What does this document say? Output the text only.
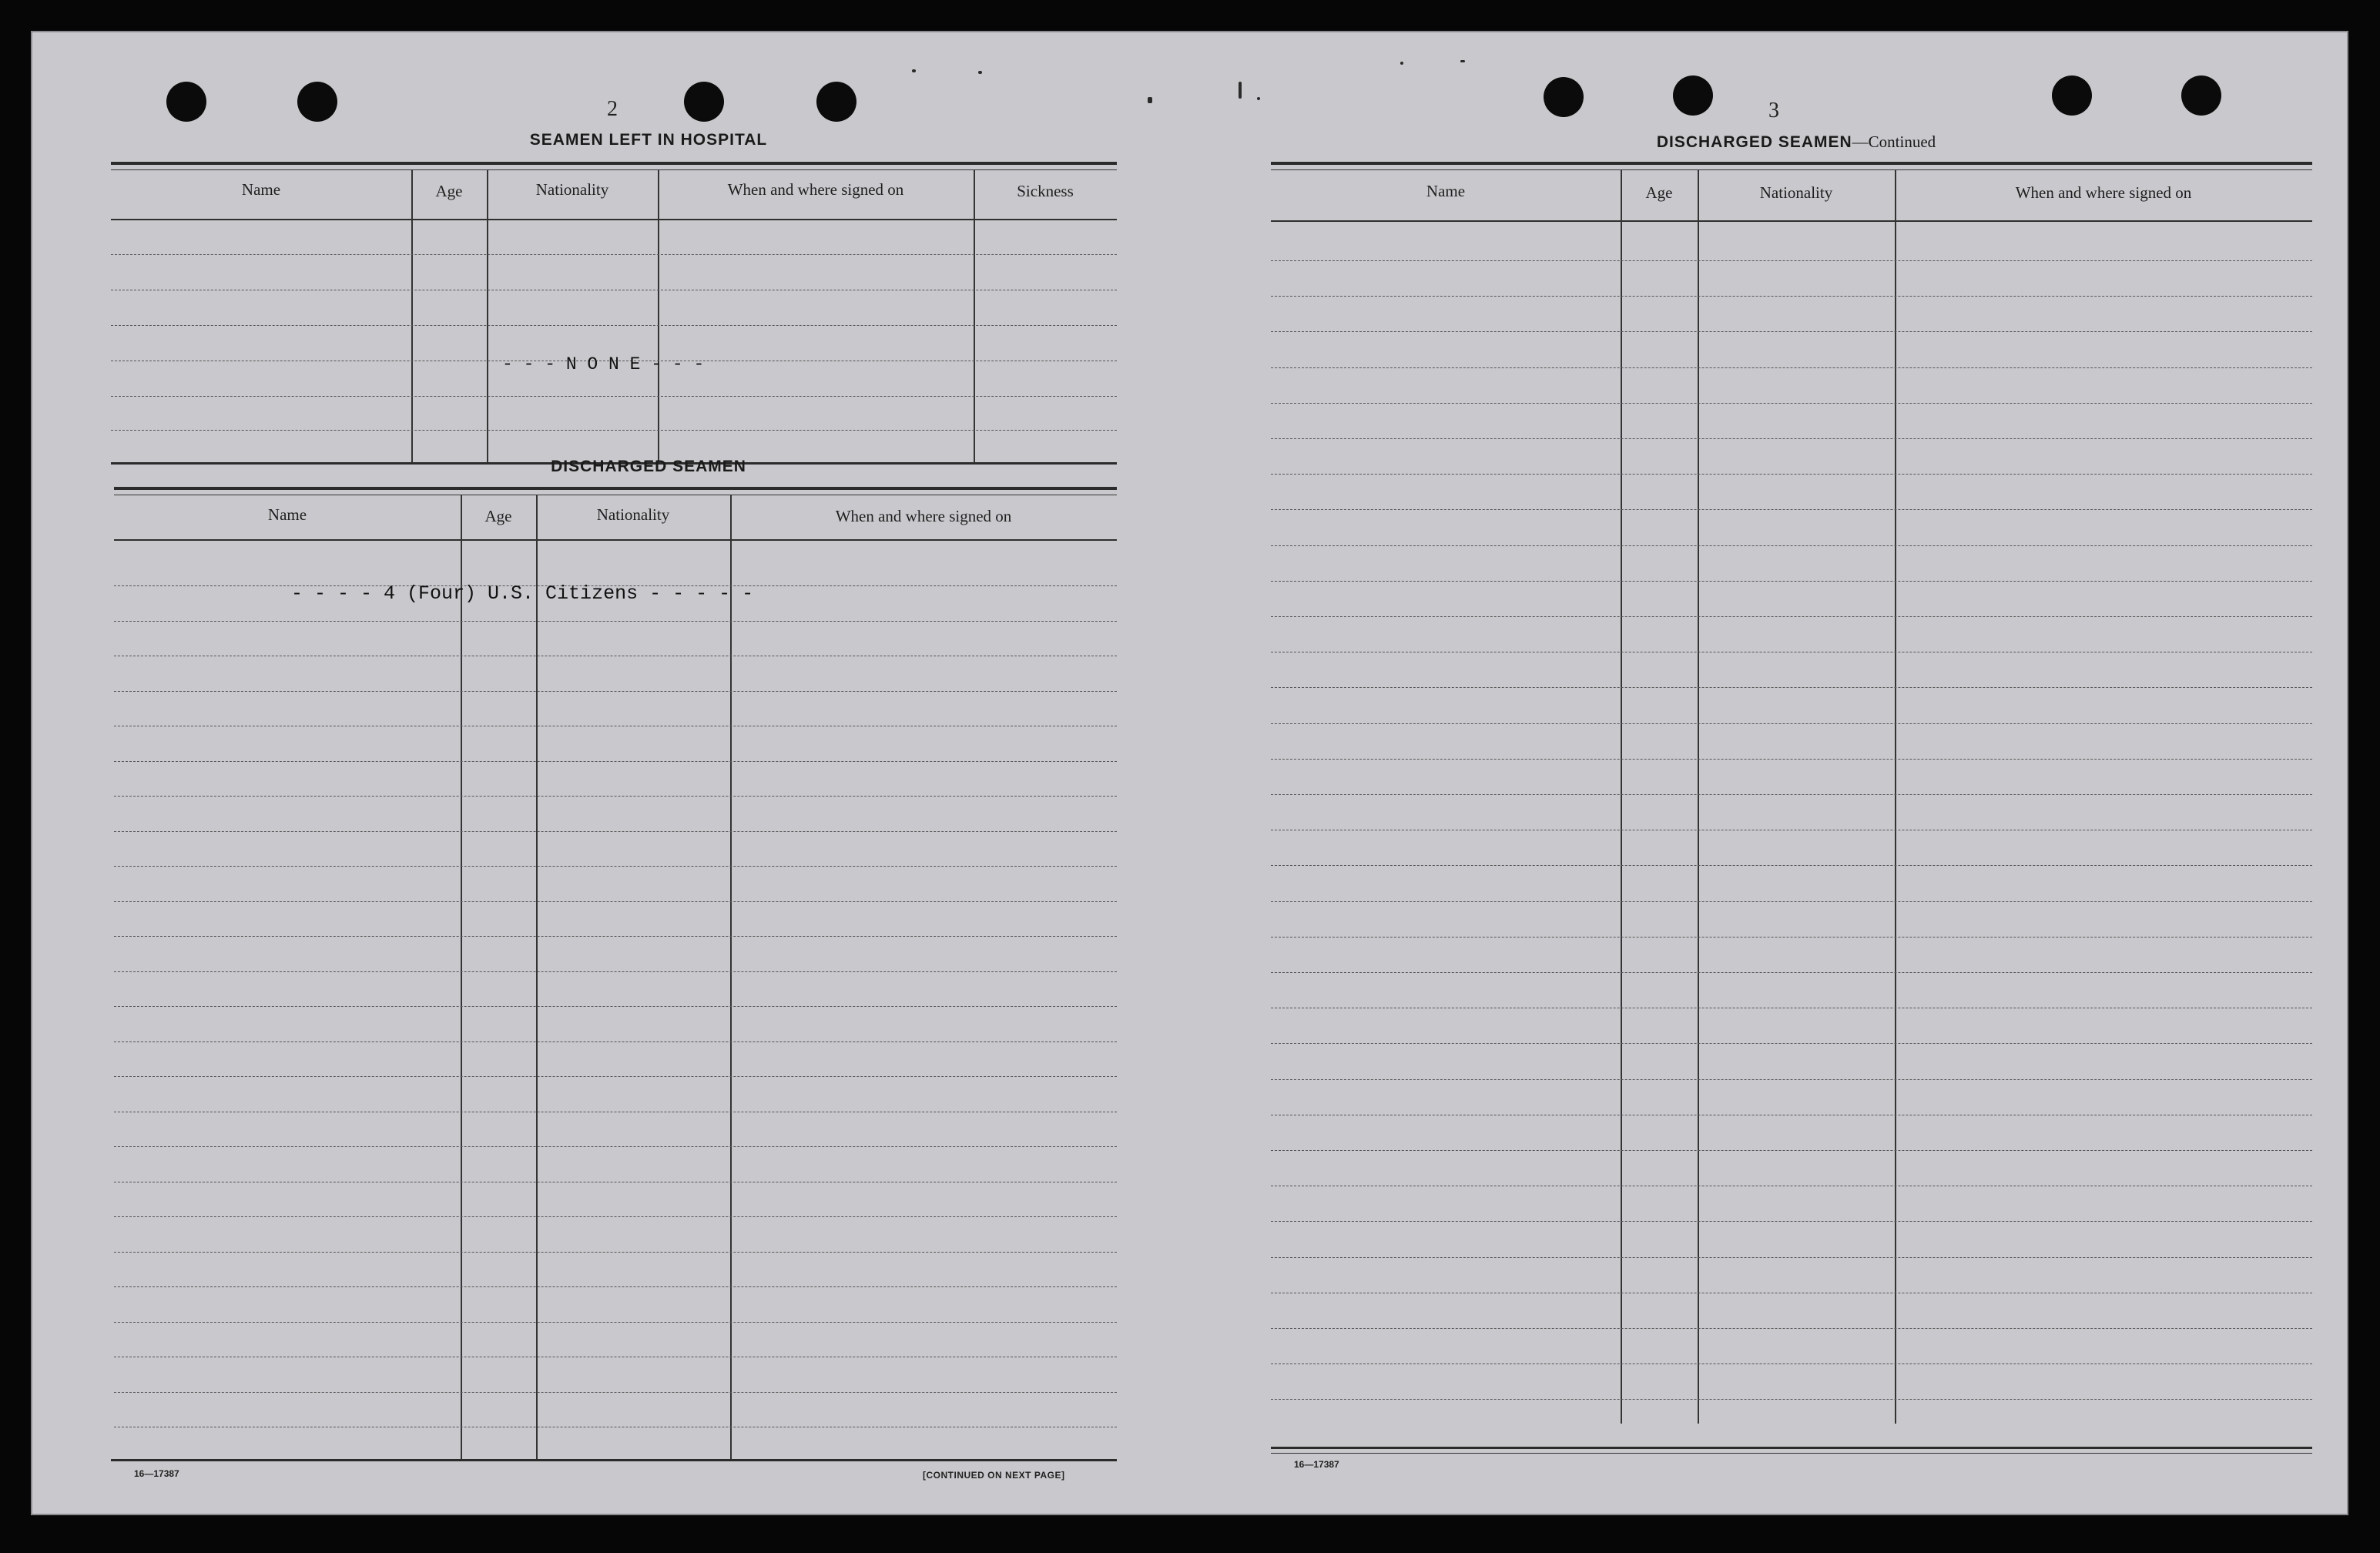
2
SEAMEN LEFT IN HOSPITAL
Name	Age	Nationality	When and where signed on	Sickness
- - - N O N E - - -
DISCHARGED SEAMEN
Name	Age	Nationality	When and where signed on
- - - - 4 (Four) U.S. Citizens - - - - -
16—17387	[CONTINUED ON NEXT PAGE]
3
DISCHARGED SEAMEN—Continued
Name	Age	Nationality	When and where signed on
16—17387
